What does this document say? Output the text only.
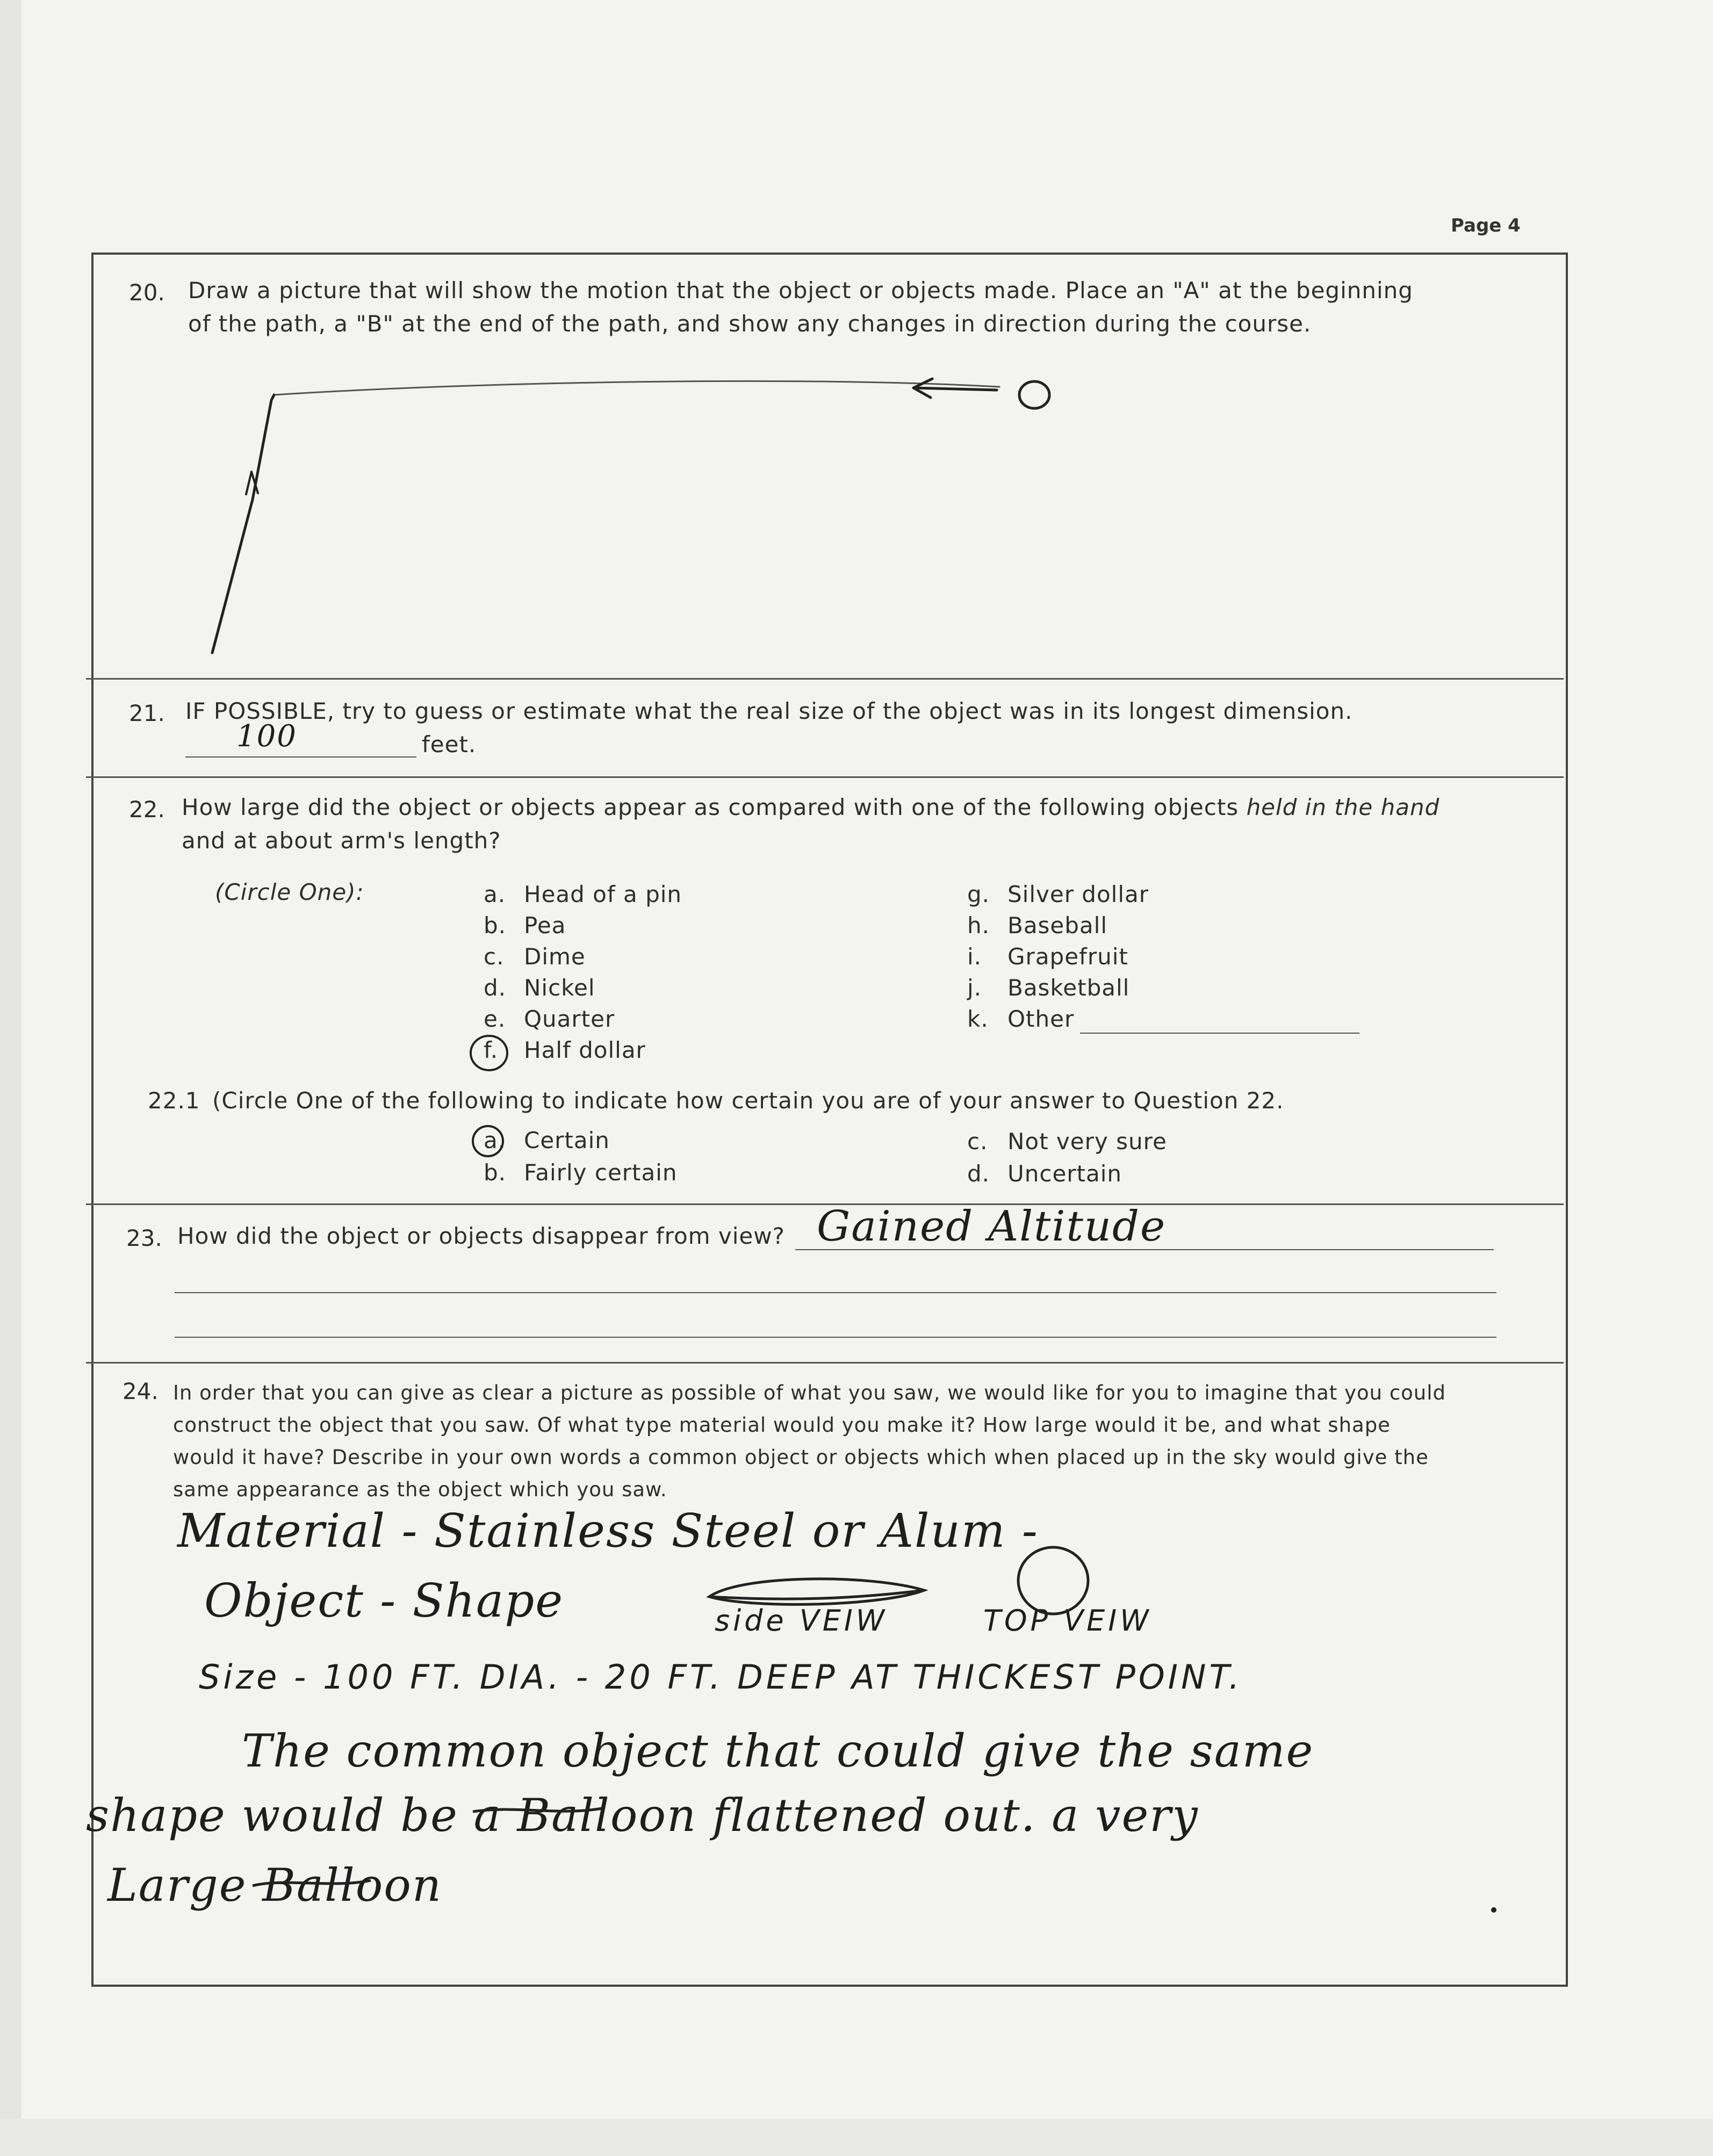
Page 4
20. Draw a picture that will show the motion that the object or objects made. Place an "A" at the beginning
of the path, a "B" at the end of the path, and show any changes in direction during the course.
21. IF POSSIBLE, try to guess or estimate what the real size of the object was in its longest dimension.
100	feet.
22. How large did the object or objects appear as compared with one of the following objects held in the hand
and at about arm's length?
(Circle One):	a. Head of a pin
b. Pea
c. Dime
d. Nickel
e. Quarter
f. Half dollar
g. Silver dollar
h. Baseball
i. Grapefruit
j. Basketball
k. Other
22.1 (Circle One of the following to indicate how certain you are of your answer to Question 22.
a. Certain
b. Fairly certain
c. Not very sure
d. Uncertain
23. How did the object or objects disappear from view? Gained Altitude
24. In order that you can give as clear a picture as possible of what you saw, we would like for you to imagine that you could
construct the object that you saw. Of what type material would you make it? How large would it be, and what shape
would it have? Describe in your own words a common object or objects which when placed up in the sky would give the
same appearance as the object which you saw.
Material - Stainless Steel or Alum -
Object - Shape	side VEIW	TOP VEIW
Size - 100 FT. DIA. - 20 FT. DEEP AT THICKEST POINT.
The common object that could give the same
shape would be a Balloon flattened out. a very
Large Balloon
